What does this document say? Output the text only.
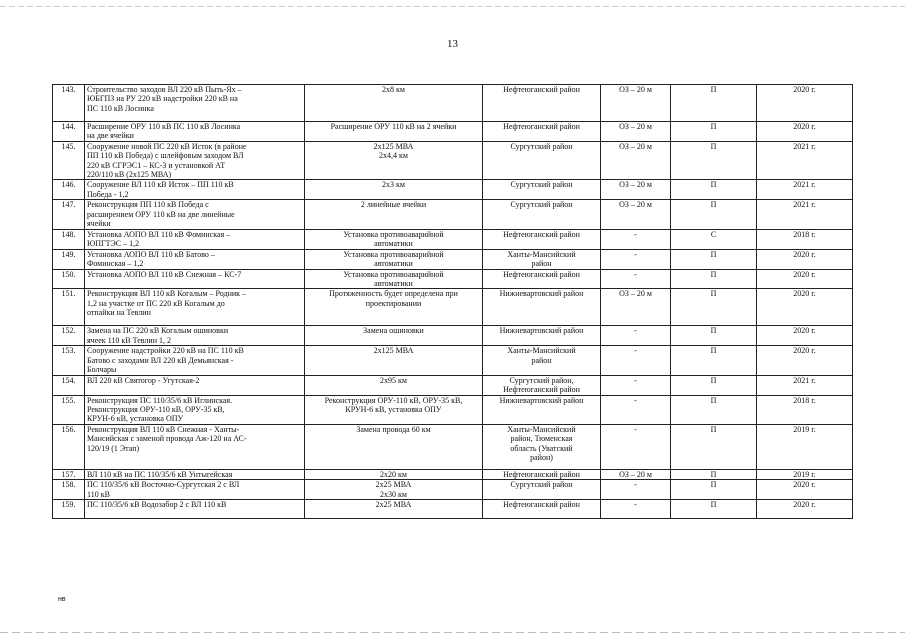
13
143.	Строительство заходов ВЛ 220 кВ Пыть-Ях –
ЮБГПЗ на РУ 220 кВ надстройки 220 кВ на
ПС 110 кВ Лосинка	2х8 км	Нефтеюганский район	ОЗ – 20 м	П	2020 г.
144.	Расширение ОРУ 110 кВ ПС 110 кВ Лосинка
на две ячейки	Расширение ОРУ 110 кВ на 2 ячейки	Нефтеюганский район	ОЗ – 20 м	П	2020 г.
145.	Сооружение новой ПС 220 кВ Исток (в районе
ПП 110 кВ Победа) с шлейфовым заходом ВЛ
220 кВ СГРЭС1 – КС-3 и установкой АТ
220/110 кВ (2х125 МВА)	2х125 МВА
2х4,4 км	Сургутский район	ОЗ – 20 м	П	2021 г.
146.	Сооружение ВЛ 110 кВ Исток – ПП 110 кВ
Победа - 1,2	2х3 км	Сургутский район	ОЗ – 20 м	П	2021 г.
147.	Реконструкция ПП 110 кВ Победа с
расширением ОРУ 110 кВ на две линейные
ячейки	2 линейные ячейки	Сургутский район	ОЗ – 20 м	П	2021 г.
148.	Установка АОПО ВЛ 110 кВ Фоминская –
ЮПГТЭС – 1,2	Установка противоаварийной
автоматики	Нефтеюганский район	-	С	2018 г.
149.	Установка АОПО ВЛ 110 кВ Батово –
Фоминская – 1,2	Установка противоаварийной
автоматики	Ханты-Мансийский
район	-	П	2020 г.
150.	Установка АОПО ВЛ 110 кВ Снежная – КС-7	Установка противоаварийной
автоматики	Нефтеюганский район	-	П	2020 г.
151.	Реконструкция ВЛ 110 кВ Когалым – Родник –
1,2 на участке от ПС 220 кВ Когалым до
отпайки на Тевлин	Протяженность будет определена при
проектировании	Нижневартовский район	ОЗ – 20 м	П	2020 г.
152.	Замена на ПС 220 кВ Когалым ошиновки
ячеек 110 кВ Тевлин 1, 2	Замена ошиновки	Нижневартовский район	-	П	2020 г.
153.	Сооружение надстройки 220 кВ на ПС 110 кВ
Батово с заходами ВЛ 220 кВ Демьянская -
Болчары	2х125 МВА	Ханты-Мансийский
район	-	П	2020 г.
154.	ВЛ 220 кВ Святогор - Угутская-2	2х95 км	Сургутский район,
Нефтеюганский район	-	П	2021 г.
155.	Реконструкция ПС 110/35/6 кВ Иглинская.
Реконструкция ОРУ-110 кВ, ОРУ-35 кВ,
КРУН-6 кВ, установка ОПУ	Реконструкция ОРУ-110 кВ, ОРУ-35 кВ,
КРУН-6 кВ, установка ОПУ	Нижневартовский район	-	П	2018 г.
156.	Реконструкция ВЛ 110 кВ Снежная - Ханты-
Мансийская с заменой провода Аж-120 на АС-
120/19 (1 Этап)	Замена провода 60 км	Ханты-Мансийский
район, Тюменская
область (Уватский
район)	-	П	2019 г.
157.	ВЛ 110 кВ на ПС 110/35/6 кВ Унтыгейская	2х20 км	Нефтеюганский район	ОЗ – 20 м	П	2019 г.
158.	ПС 110/35/6 кВ Восточно-Сургутская 2 с ВЛ
110 кВ	2х25 МВА
2х30 км	Сургутский район	-	П	2020 г.
159.	ПС 110/35/6 кВ Водозабор 2 с ВЛ 110 кВ	2х25 МВА	Нефтеюганский район	-	П	2020 г.
нв
